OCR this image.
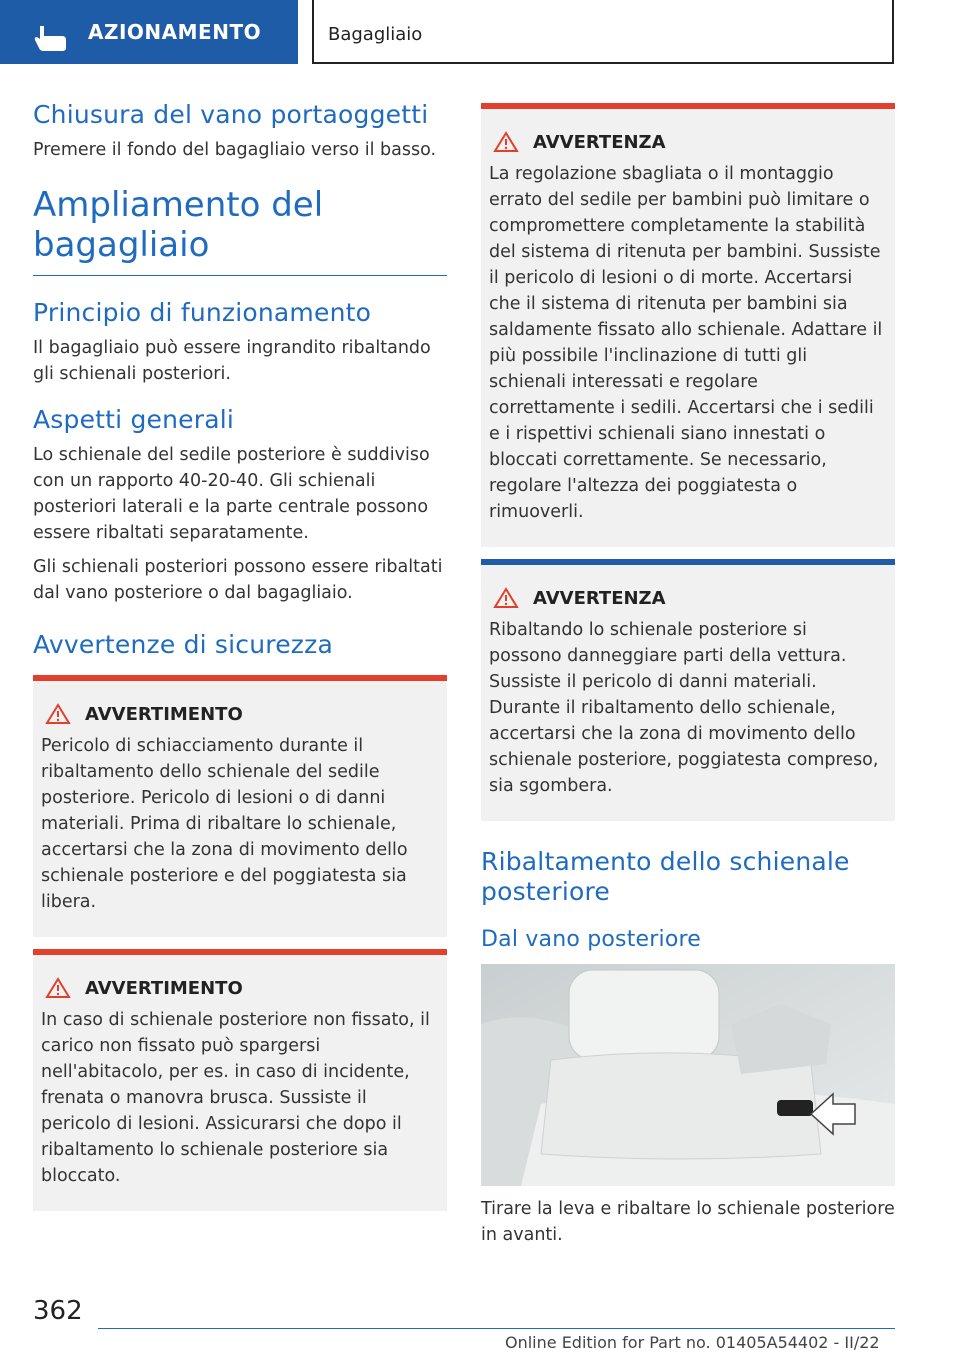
AZIONAMENTO	Bagagliaio
Chiusura del vano portaoggetti

Premere il fondo del bagagliaio verso il basso.

Ampliamento del bagagliaio
Principio di funzionamento

Il bagagliaio può essere ingrandito ribaltando gli schienali posteriori.

Aspetti generali

Lo schienale del sedile posteriore è suddiviso con un rapporto 40-20-40. Gli schienali posteriori laterali e la parte centrale possono essere ribaltati separatamente.

Gli schienali posteriori possono essere ribaltati dal vano posteriore o dal bagagliaio.

Avvertenze di sicurezza
AVVERTIMENTO

Pericolo di schiacciamento durante il ribaltamento dello schienale del sedile posteriore. Pericolo di lesioni o di danni materiali. Prima di ribaltare lo schienale, accertarsi che la zona di movimento dello schienale posteriore e del poggiatesta sia libera.

AVVERTIMENTO

In caso di schienale posteriore non fissato, il carico non fissato può spargersi nell'abitacolo, per es. in caso di incidente, frenata o manovra brusca. Sussiste il pericolo di lesioni. Assicurarsi che dopo il ribaltamento lo schienale posteriore sia bloccato.

AVVERTENZA

La regolazione sbagliata o il montaggio errato del sedile per bambini può limitare o compromettere completamente la stabilità del sistema di ritenuta per bambini. Sussiste il pericolo di lesioni o di morte. Accertarsi che il sistema di ritenuta per bambini sia saldamente fissato allo schienale. Adattare il più possibile l'inclinazione di tutti gli schienali interessati e regolare correttamente i sedili. Accertarsi che i sedili e i rispettivi schienali siano innestati o bloccati correttamente. Se necessario, regolare l'altezza dei poggiatesta o rimuoverli.

AVVERTENZA

Ribaltando lo schienale posteriore si possono danneggiare parti della vettura. Sussiste il pericolo di danni materiali. Durante il ribaltamento dello schienale, accertarsi che la zona di movimento dello schienale posteriore, poggiatesta compreso, sia sgombera.

Ribaltamento dello schienale posteriore
Dal vano posteriore

Tirare la leva e ribaltare lo schienale posteriore in avanti.

362
Online Edition for Part no. 01405A54402 - II/22
